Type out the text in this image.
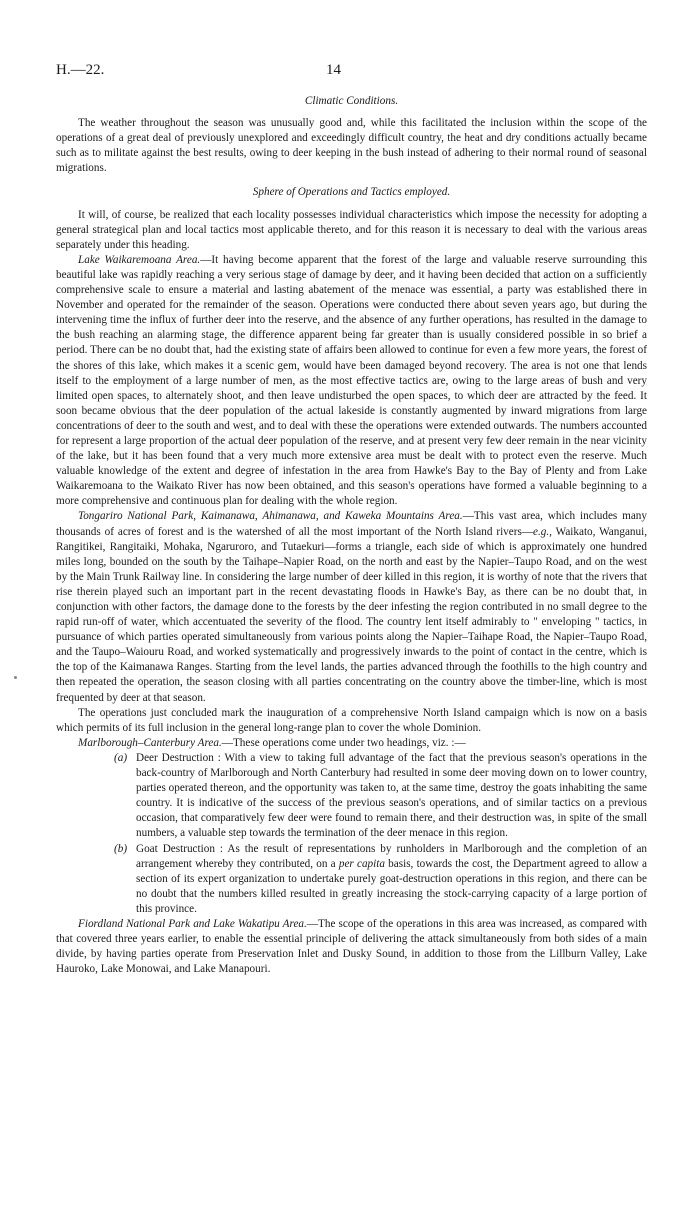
H.—22.	14
Climatic Conditions.

The weather throughout the season was unusually good and, while this facilitated the inclusion within the scope of the operations of a great deal of previously unexplored and exceedingly difficult country, the heat and dry conditions actually became such as to militate against the best results, owing to deer keeping in the bush instead of adhering to their normal round of seasonal migrations.

Sphere of Operations and Tactics employed.

It will, of course, be realized that each locality possesses individual characteristics which impose the necessity for adopting a general strategical plan and local tactics most applicable thereto, and for this reason it is necessary to deal with the various areas separately under this heading.

Lake Waikaremoana Area.—It having become apparent that the forest of the large and valuable reserve surrounding this beautiful lake was rapidly reaching a very serious stage of damage by deer, and it having been decided that action on a sufficiently comprehensive scale to ensure a material and lasting abatement of the menace was essential, a party was established there in November and operated for the remainder of the season. Operations were conducted there about seven years ago, but during the intervening time the influx of further deer into the reserve, and the absence of any further operations, has resulted in the damage to the bush reaching an alarming stage, the difference apparent being far greater than is usually considered possible in so brief a period. There can be no doubt that, had the existing state of affairs been allowed to continue for even a few more years, the forest of the shores of this lake, which makes it a scenic gem, would have been damaged beyond recovery. The area is not one that lends itself to the employment of a large number of men, as the most effective tactics are, owing to the large areas of bush and very limited open spaces, to alternately shoot, and then leave undisturbed the open spaces, to which deer are attracted by the feed. It soon became obvious that the deer population of the actual lakeside is constantly augmented by inward migrations from large concentrations of deer to the south and west, and to deal with these the operations were extended outwards. The numbers accounted for represent a large proportion of the actual deer population of the reserve, and at present very few deer remain in the near vicinity of the lake, but it has been found that a very much more extensive area must be dealt with to protect even the reserve. Much valuable knowledge of the extent and degree of infestation in the area from Hawke's Bay to the Bay of Plenty and from Lake Waikaremoana to the Waikato River has now been obtained, and this season's operations have formed a valuable beginning to a more comprehensive and continuous plan for dealing with the whole region.

Tongariro National Park, Kaimanawa, Ahimanawa, and Kaweka Mountains Area.—This vast area, which includes many thousands of acres of forest and is the watershed of all the most important of the North Island rivers—e.g., Waikato, Wanganui, Rangitikei, Rangitaiki, Mohaka, Ngaruroro, and Tutaekuri—forms a triangle, each side of which is approximately one hundred miles long, bounded on the south by the Taihape–Napier Road, on the north and east by the Napier–Taupo Road, and on the west by the Main Trunk Railway line. In considering the large number of deer killed in this region, it is worthy of note that the rivers that rise therein played such an important part in the recent devastating floods in Hawke's Bay, as there can be no doubt that, in conjunction with other factors, the damage done to the forests by the deer infesting the region contributed in no small degree to the rapid run-off of water, which accentuated the severity of the flood. The country lent itself admirably to " enveloping " tactics, in pursuance of which parties operated simultaneously from various points along the Napier–Taihape Road, the Napier–Taupo Road, and the Taupo–Waiouru Road, and worked systematically and progressively inwards to the point of contact in the centre, which is the top of the Kaimanawa Ranges. Starting from the level lands, the parties advanced through the foothills to the high country and then repeated the operation, the season closing with all parties concentrating on the country above the timber-line, which is most frequented by deer at that season.

The operations just concluded mark the inauguration of a comprehensive North Island campaign which is now on a basis which permits of its full inclusion in the general long-range plan to cover the whole Dominion.

Marlborough–Canterbury Area.—These operations come under two headings, viz. :—

(a) Deer Destruction : With a view to taking full advantage of the fact that the previous season's operations in the back-country of Marlborough and North Canterbury had resulted in some deer moving down on to lower country, parties operated thereon, and the opportunity was taken to, at the same time, destroy the goats inhabiting the same country. It is indicative of the success of the previous season's operations, and of similar tactics on a previous occasion, that comparatively few deer were found to remain there, and their destruction was, in spite of the small numbers, a valuable step towards the termination of the deer menace in this region.
(b) Goat Destruction : As the result of representations by runholders in Marlborough and the completion of an arrangement whereby they contributed, on a per capita basis, towards the cost, the Department agreed to allow a section of its expert organization to undertake purely goat-destruction operations in this region, and there can be no doubt that the numbers killed resulted in greatly increasing the stock-carrying capacity of a large portion of this province.

Fiordland National Park and Lake Wakatipu Area.—The scope of the operations in this area was increased, as compared with that covered three years earlier, to enable the essential principle of delivering the attack simultaneously from both sides of a main divide, by having parties operate from Preservation Inlet and Dusky Sound, in addition to those from the Lillburn Valley, Lake Hauroko, Lake Monowai, and Lake Manapouri.
